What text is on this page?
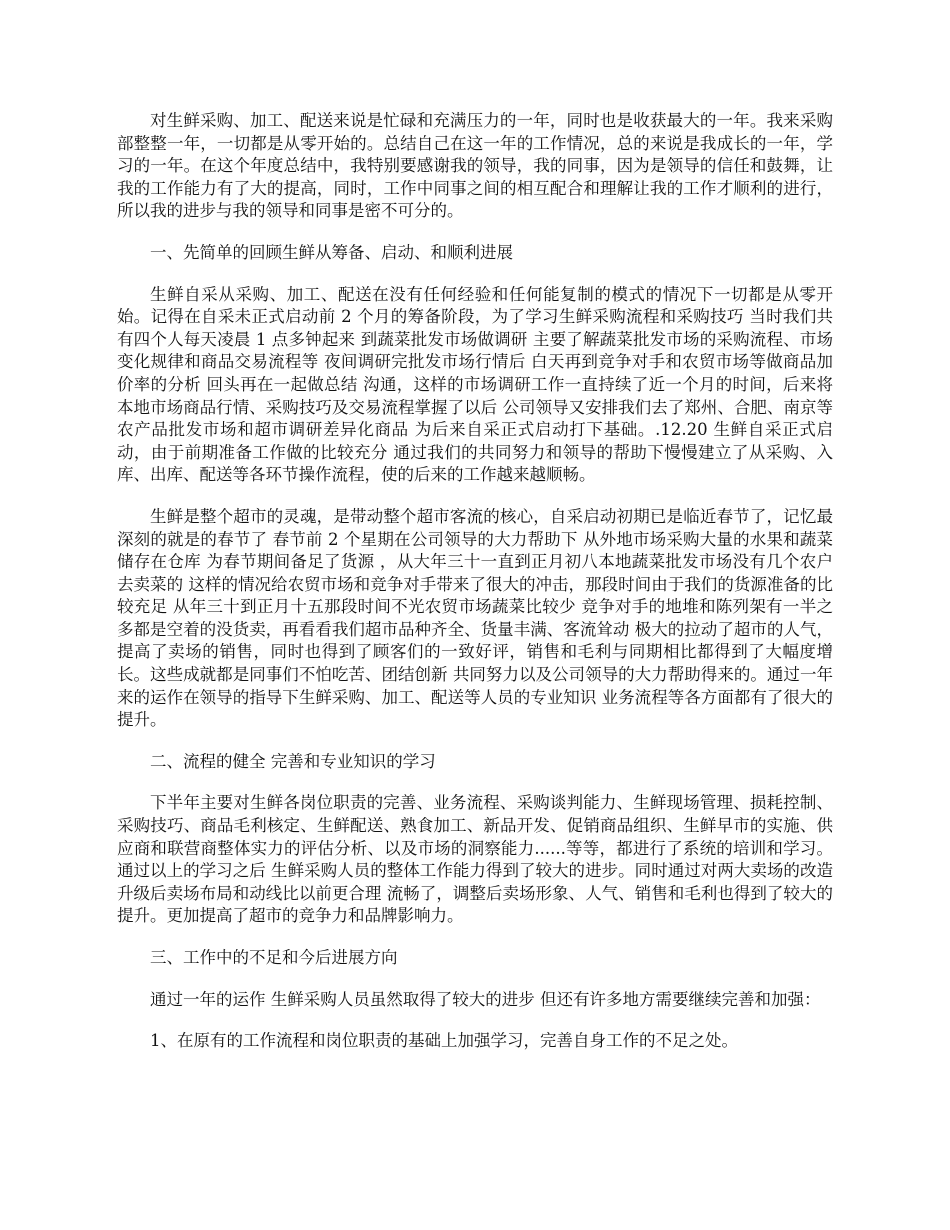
对生鲜采购、加工、配送来说是忙碌和充满压力的一年，同时也是收获最大的一年。我来采购部整整一年，一切都是从零开始的。总结自己在这一年的工作情况，总的来说是我成长的一年，学习的一年。在这个年度总结中，我特别要感谢我的领导，我的同事，因为是领导的信任和鼓舞，让我的工作能力有了大的提高，同时，工作中同事之间的相互配合和理解让我的工作才顺利的进行，所以我的进步与我的领导和同事是密不可分的。

一、先简单的回顾生鲜从筹备、启动、和顺利进展

生鲜自采从采购、加工、配送在没有任何经验和任何能复制的模式的情况下一切都是从零开始。记得在自采未正式启动前 2 个月的筹备阶段，为了学习生鲜采购流程和采购技巧 当时我们共有四个人每天凌晨 1 点多钟起来 到蔬菜批发市场做调研 主要了解蔬菜批发市场的采购流程、市场变化规律和商品交易流程等 夜间调研完批发市场行情后 白天再到竞争对手和农贸市场等做商品加价率的分析 回头再在一起做总结 沟通，这样的市场调研工作一直持续了近一个月的时间，后来将本地市场商品行情、采购技巧及交易流程掌握了以后 公司领导又安排我们去了郑州、合肥、南京等农产品批发市场和超市调研差异化商品 为后来自采正式启动打下基础。.12.20 生鲜自采正式启动，由于前期准备工作做的比较充分 通过我们的共同努力和领导的帮助下慢慢建立了从采购、入库、出库、配送等各环节操作流程，使的后来的工作越来越顺畅。

生鲜是整个超市的灵魂，是带动整个超市客流的核心，自采启动初期已是临近春节了，记忆最深刻的就是的春节了 春节前 2 个星期在公司领导的大力帮助下 从外地市场采购大量的水果和蔬菜储存在仓库 为春节期间备足了货源 ，从大年三十一直到正月初八本地蔬菜批发市场没有几个农户去卖菜的 这样的情况给农贸市场和竞争对手带来了很大的冲击，那段时间由于我们的货源准备的比较充足 从年三十到正月十五那段时间不光农贸市场蔬菜比较少 竞争对手的地堆和陈列架有一半之多都是空着的没货卖，再看看我们超市品种齐全、货量丰满、客流耸动 极大的拉动了超市的人气，提高了卖场的销售，同时也得到了顾客们的一致好评，销售和毛利与同期相比都得到了大幅度增长。这些成就都是同事们不怕吃苦、团结创新 共同努力以及公司领导的大力帮助得来的。通过一年来的运作在领导的指导下生鲜采购、加工、配送等人员的专业知识 业务流程等各方面都有了很大的提升。

二、流程的健全 完善和专业知识的学习

下半年主要对生鲜各岗位职责的完善、业务流程、采购谈判能力、生鲜现场管理、损耗控制、采购技巧、商品毛利核定、生鲜配送、熟食加工、新品开发、促销商品组织、生鲜早市的实施、供应商和联营商整体实力的评估分析、以及市场的洞察能力......等等，都进行了系统的培训和学习。通过以上的学习之后 生鲜采购人员的整体工作能力得到了较大的进步。同时通过对两大卖场的改造升级后卖场布局和动线比以前更合理 流畅了，调整后卖场形象、人气、销售和毛利也得到了较大的提升。更加提高了超市的竞争力和品牌影响力。

三、工作中的不足和今后进展方向

通过一年的运作 生鲜采购人员虽然取得了较大的进步 但还有许多地方需要继续完善和加强：

1、在原有的工作流程和岗位职责的基础上加强学习，完善自身工作的不足之处。
